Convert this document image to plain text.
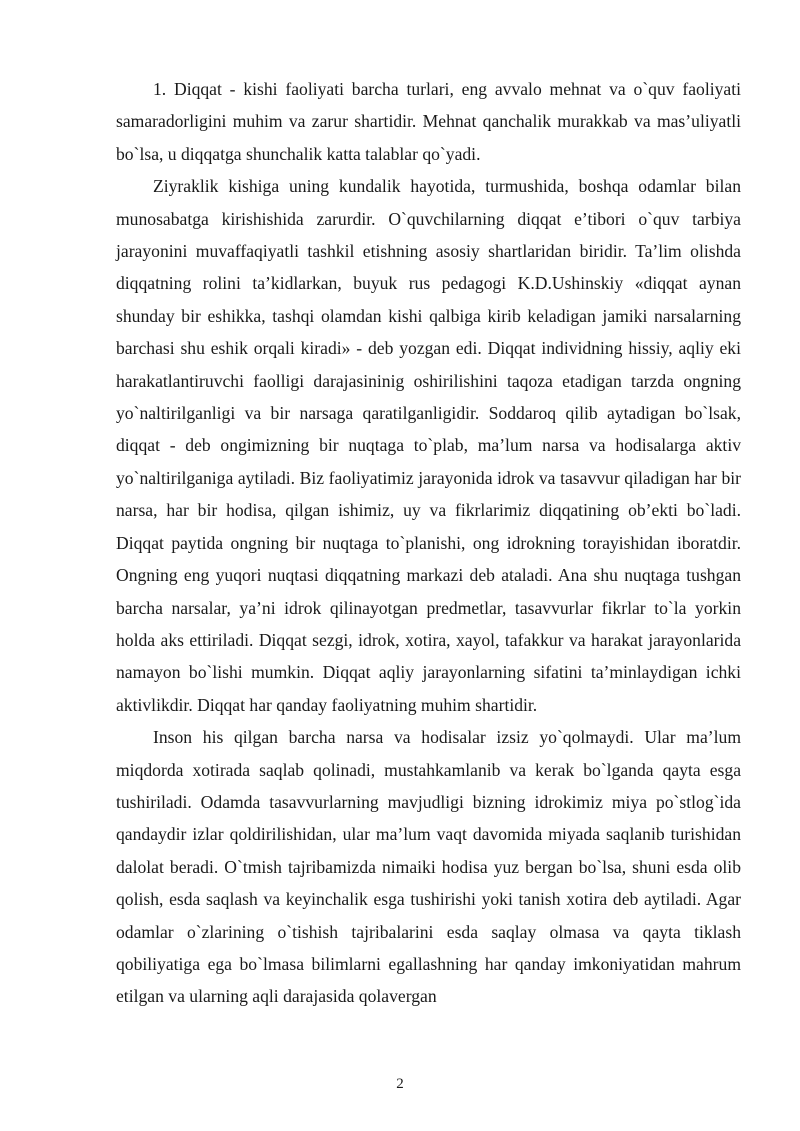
1. Diqqat - kishi faoliyati barcha turlari, eng avvalo mehnat va o`quv faoliyati samaradorligini muhim va zarur shartidir. Mehnat qanchalik murakkab va mas’uliyatli bo`lsa, u diqqatga shunchalik katta talablar qo`yadi.

Ziyraklik kishiga uning kundalik hayotida, turmushida, boshqa odamlar bilan munosabatga kirishishida zarurdir. O`quvchilarning diqqat e’tibori o`quv tarbiya jarayonini muvaffaqiyatli tashkil etishning asosiy shartlaridan biridir. Ta’lim olishda diqqatning rolini ta’kidlarkan, buyuk rus pedagogi K.D.Ushinskiy «diqqat aynan shunday bir eshikka, tashqi olamdan kishi qalbiga kirib keladigan jamiki narsalarning barchasi shu eshik orqali kiradi» - deb yozgan edi. Diqqat individning hissiy, aqliy eki harakatlantiruvchi faolligi darajasininig oshirilishini taqoza etadigan tarzda ongning yo`naltirilganligi va bir narsaga qaratilganligidir. Soddaroq qilib aytadigan bo`lsak, diqqat - deb ongimizning bir nuqtaga to`plab, ma’lum narsa va hodisalarga aktiv yo`naltirilganiga aytiladi. Biz faoliyatimiz jarayonida idrok va tasavvur qiladigan har bir narsa, har bir hodisa, qilgan ishimiz, uy va fikrlarimiz diqqatining ob’ekti bo`ladi. Diqqat paytida ongning bir nuqtaga to`planishi, ong idrokning torayishidan iboratdir. Ongning eng yuqori nuqtasi diqqatning markazi deb ataladi. Ana shu nuqtaga tushgan barcha narsalar, ya’ni idrok qilinayotgan predmetlar, tasavvurlar fikrlar to`la yorkin holda aks ettiriladi. Diqqat sezgi, idrok, xotira, xayol, tafakkur va harakat jarayonlarida namayon bo`lishi mumkin. Diqqat aqliy jarayonlarning sifatini ta’minlaydigan ichki aktivlikdir. Diqqat har qanday faoliyatning muhim shartidir.

Inson his qilgan barcha narsa va hodisalar izsiz yo`qolmaydi. Ular ma’lum miqdorda xotirada saqlab qolinadi, mustahkamlanib va kerak bo`lganda qayta esga tushiriladi. Odamda tasavvurlarning mavjudligi bizning idrokimiz miya po`stlog`ida qandaydir izlar qoldirilishidan, ular ma’lum vaqt davomida miyada saqlanib turishidan dalolat beradi. O`tmish tajribamizda nimaiki hodisa yuz bergan bo`lsa, shuni esda olib qolish, esda saqlash va keyinchalik esga tushirishi yoki tanish xotira deb aytiladi. Agar odamlar o`zlarining o`tishish tajribalarini esda saqlay olmasa va qayta tiklash qobiliyatiga ega bo`lmasa bilimlarni egallashning har qanday imkoniyatidan mahrum etilgan va ularning aqli darajasida qolavergan

2
